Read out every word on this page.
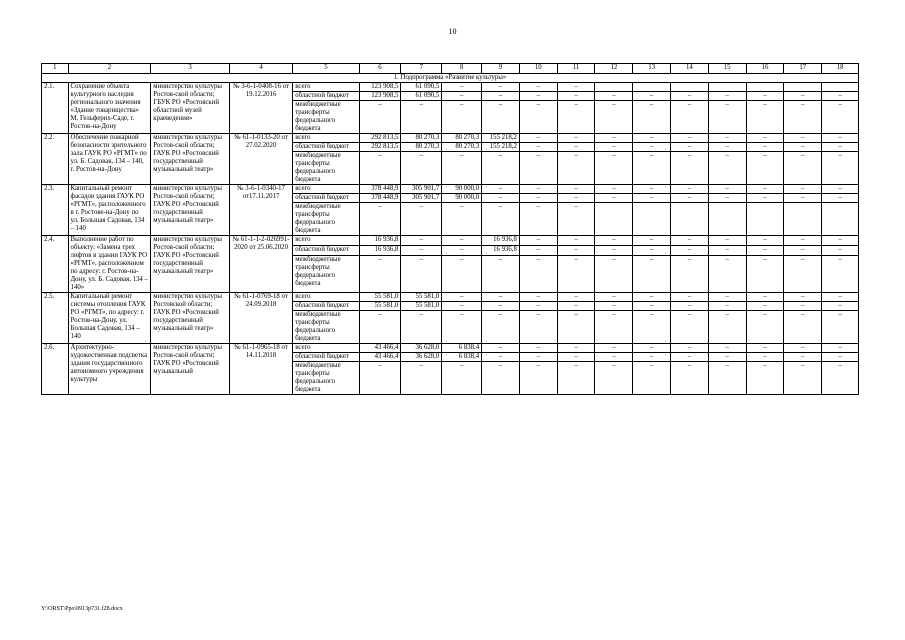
10
1	2	3	4	5	6	7	8	9	10	11	12	13	14	15	16	17	18
1. Подпрограмма «Развитие культуры»																	
2.1.	Сохранение объекта культурного наследия регионального значения «Здание товарищества» М. Гельферих-Саде, г. Ростов-на-Дону	министерство культуры Ростов-ской области; ГБУК РО «Ростовский областной музей краеведения»	№ 3-6-1-0408-16 от 19.12.2016	всего	123 908,5	61 090,5	–	–	–	–							
				областной бюджет	123 908,5	61 090,5	–	–	–	–	–	–	–	–	–	–	–
				межбюджетные трансферты федерального бюджета	–	–	–	–	–	–	–	–	–	–	–	–	–
2.2.	Обеспечение пожарной безопасности зрительного зала ГАУК РО «РГМТ» по ул. Б. Садовая, 134 – 140, г. Ростов-на-Дону	министерство культуры Ростов-ской области; ГАУК РО «Ростовский государственный музыкальный театр»	№ 61-1-0133-20 от 27.02.2020	всего	292 813,5	80 270,3	80 270,3	155 218,2	–	–	–	–	–	–	–	–	–
				областной бюджет	292 813,5	80 270,3	80 270,3	155 218,2	–	–	–	–	–	–	–	–	–
				межбюджетные трансферты федерального бюджета	–	–	–	–	–	–	–	–	–	–	–	–	–
2.3.	Капитальный ремонт фасадов здания ГАУК РО «РГМТ», расположенного в г. Ростове-на-Дону по ул. Большая Садовая, 134 – 140	министерство культуры Ростов-ской области; ГАУК РО «Ростовский государственный музыкальный театр»	№ 3-6-1-0340-17 от17.11.2017	всего	378 448,9	305 901,7	90 000,0	–	–	–	–	–	–	–	–	–	–
				областной бюджет	378 448,9	305 901,7	90 000,0	–	–	–	–	–	–	–	–	–	–
				межбюджетные трансферты федерального бюджета	–	–	–	–	–	–							
2.4.	Выполнение работ по объекту: «Замена трех лифтов в здании ГАУК РО «РГМТ», расположенном по адресу: г. Ростов-на-Дону, ул. Б. Садовая, 134 – 140»	министерство культуры Ростов-ской области; ГАУК РО «Ростовский государственный музыкальный театр»	№ 61-1-1-2-026991-2020 от 25.06.2020	всего	16 936,8	–	–	16 936,8	–	–	–	–	–	–	–	–	–
				областной бюджет	16 936,8	–	–	16 936,8	–	–	–	–	–	–	–	–	–
				межбюджетные трансферты федерального бюджета	–	–	–	–	–	–	–	–	–	–	–	–	–
2.5.	Капитальный ремонт системы отопления ГАУК РО «РГМТ», по адресу: г. Ростов-на-Дону, ул. Большая Садовая, 134 – 140	министерство культуры Ростовской области; ГАУК РО «Ростовский государственный музыкальный театр»	№ 61-1-0769-18 от 24.09.2018	всего	55 581,0	55 581,0	–	–	–	–	–	–	–	–	–	–	–
				областной бюджет	55 581,0	55 581,0	–	–	–	–	–	–	–	–	–	–	–
				межбюджетные трансферты федерального бюджета	–	–	–	–	–	–	–	–	–	–	–	–	–
2.6.	Архитектурно-художественная подсветка здания государственного автономного учреждения культуры	министерство культуры Ростов-ской области; ГАУК РО «Ростовский музыкальный	№ 61-1-0965-18 от 14.11.2018	всего	43 466,4	36 628,0	6 838,4	–	–	–	–	–	–	–	–	–	–
				областной бюджет	43 466,4	36 628,0	6 838,4	–	–	–	–	–	–	–	–	–	–
				межбюджетные трансферты федерального бюджета	–	–	–	–	–	–	–	–	–	–	–	–	–
Y:\ORST\Ppo\0913p731.f28.docx
